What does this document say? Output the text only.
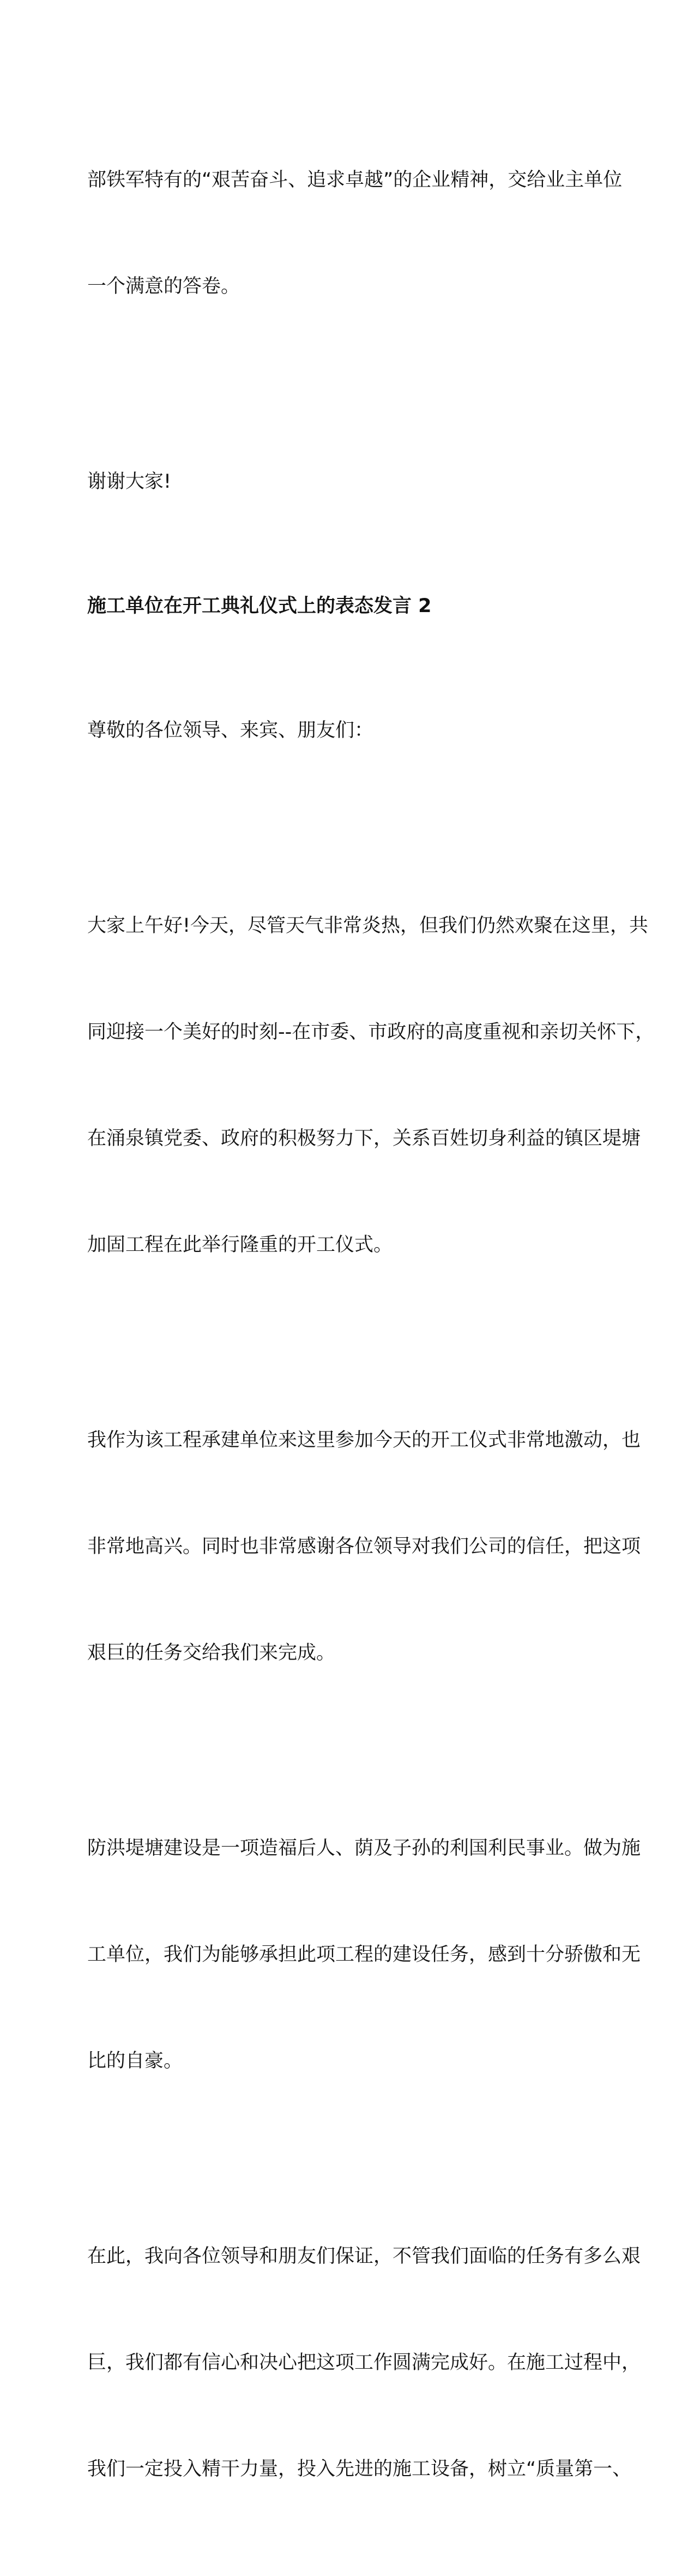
部铁军特有的“艰苦奋斗、追求卓越”的企业精神，交给业主单位

一个满意的答卷。

谢谢大家!

施工单位在开工典礼仪式上的表态发言 2

尊敬的各位领导、来宾、朋友们：

大家上午好!今天，尽管天气非常炎热，但我们仍然欢聚在这里，共

同迎接一个美好的时刻--在市委、市政府的高度重视和亲切关怀下，

在涌泉镇党委、政府的积极努力下，关系百姓切身利益的镇区堤塘

加固工程在此举行隆重的开工仪式。

我作为该工程承建单位来这里参加今天的开工仪式非常地激动，也

非常地高兴。同时也非常感谢各位领导对我们公司的信任，把这项

艰巨的任务交给我们来完成。

防洪堤塘建设是一项造福后人、荫及子孙的利国利民事业。做为施

工单位，我们为能够承担此项工程的建设任务，感到十分骄傲和无

比的自豪。

在此，我向各位领导和朋友们保证，不管我们面临的任务有多么艰

巨，我们都有信心和决心把这项工作圆满完成好。在施工过程中，

我们一定投入精干力量，投入先进的施工设备，树立“质量第一、
